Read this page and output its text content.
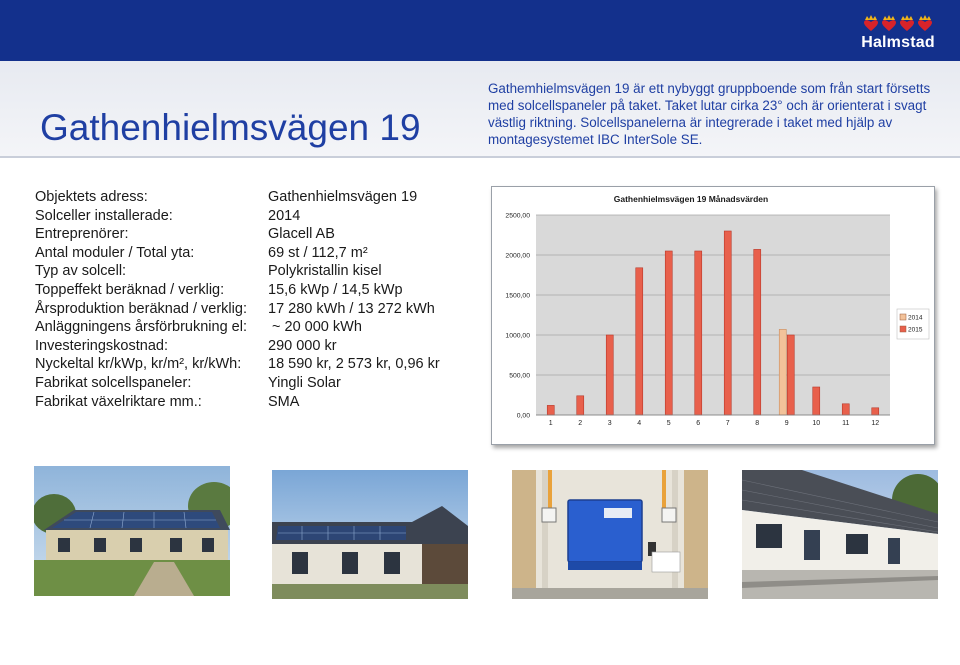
Halmstad
Gathenhielmsvägen 19

Gathemhielmsvägen 19 är ett nybyggt gruppboende som från start försetts med solcellspaneler på taket. Taket lutar cirka 23° och är orienterat i svagt västlig riktning. Solcellspanelerna är integrerade i taket med hjälp av montagesystemet IBC InterSole SE.

Objektets adress:	Gathenhielmsvägen 19
Solceller installerade:	2014
Entreprenörer:	Glacell AB
Antal moduler / Total yta:	69 st / 112,7 m²
Typ av solcell:	Polykristallin kisel
Toppeffekt beräknad / verklig:	15,6 kWp / 14,5 kWp
Årsproduktion beräknad / verklig:	17 280 kWh / 13 272 kWh
Anläggningens årsförbrukning el:	~ 20 000 kWh
Investeringskostnad:	290 000 kr
Nyckeltal kr/kWp, kr/m², kr/kWh:	18 590 kr, 2 573 kr, 0,96 kr
Fabrikat solcellspaneler:	Yingli Solar
Fabrikat växelriktare mm.:	SMA
Gathenhielmsvägen 19 Månadsvärden
0,00
500,00
1000,00
1500,00
2000,00
2500,00
1	2	3	4	5	6	7	8	9	10	11	12
2014
2015
